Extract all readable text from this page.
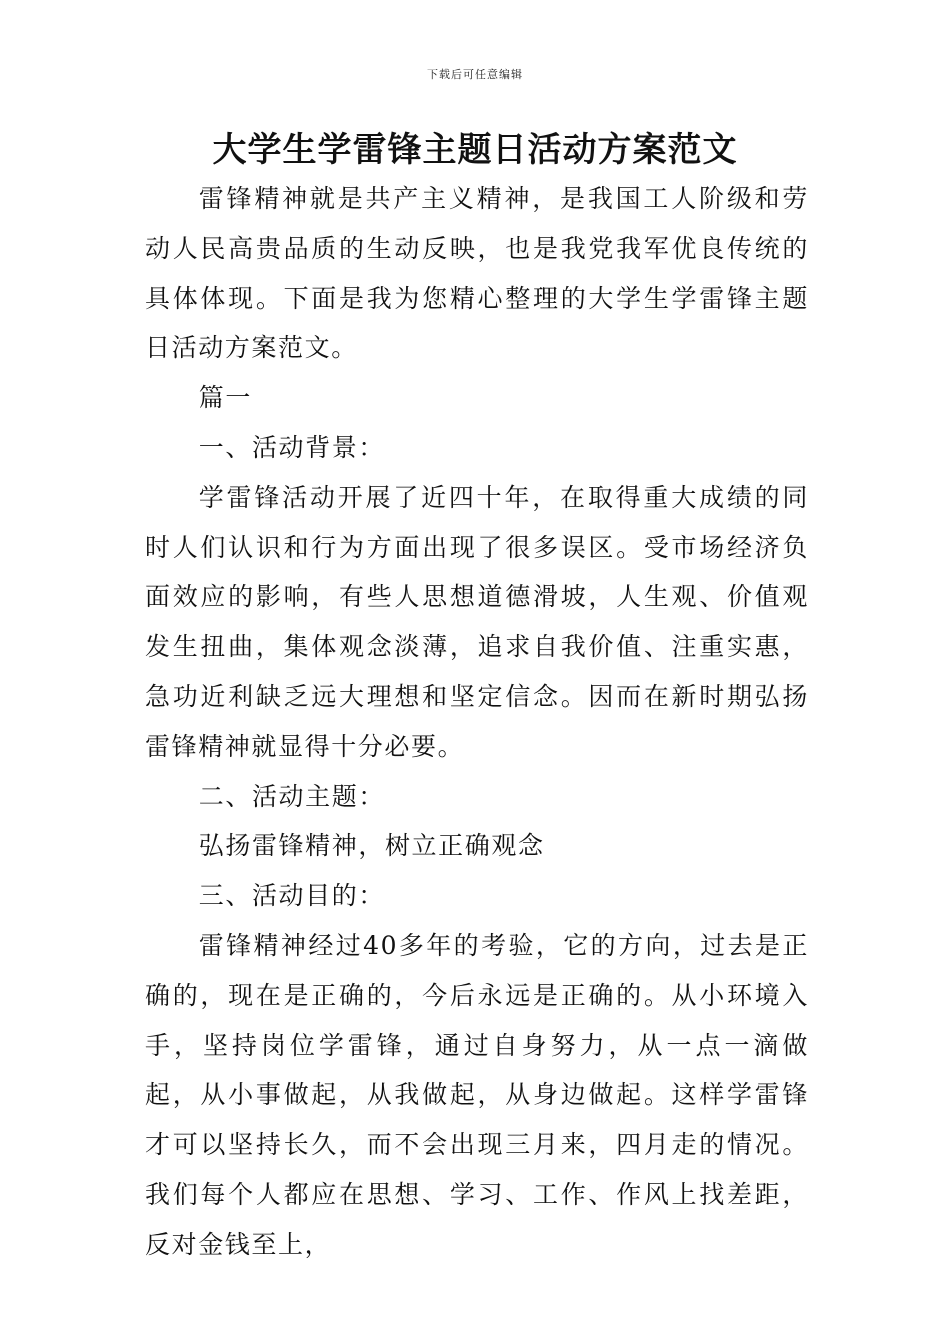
下载后可任意编辑
大学生学雷锋主题日活动方案范文

雷锋精神就是共产主义精神，是我国工人阶级和劳动人民高贵品质的生动反映，也是我党我军优良传统的具体体现。下面是我为您精心整理的大学生学雷锋主题日活动方案范文。

篇一

一、活动背景：

学雷锋活动开展了近四十年，在取得重大成绩的同时人们认识和行为方面出现了很多误区。受市场经济负面效应的影响，有些人思想道德滑坡，人生观、价值观发生扭曲，集体观念淡薄，追求自我价值、注重实惠，急功近利缺乏远大理想和坚定信念。因而在新时期弘扬雷锋精神就显得十分必要。

二、活动主题：

弘扬雷锋精神，树立正确观念

三、活动目的：

雷锋精神经过40多年的考验，它的方向，过去是正确的，现在是正确的，今后永远是正确的。从小环境入手，坚持岗位学雷锋，通过自身努力，从一点一滴做起，从小事做起，从我做起，从身边做起。这样学雷锋才可以坚持长久，而不会出现三月来，四月走的情况。我们每个人都应在思想、学习、工作、作风上找差距，反对金钱至上，
